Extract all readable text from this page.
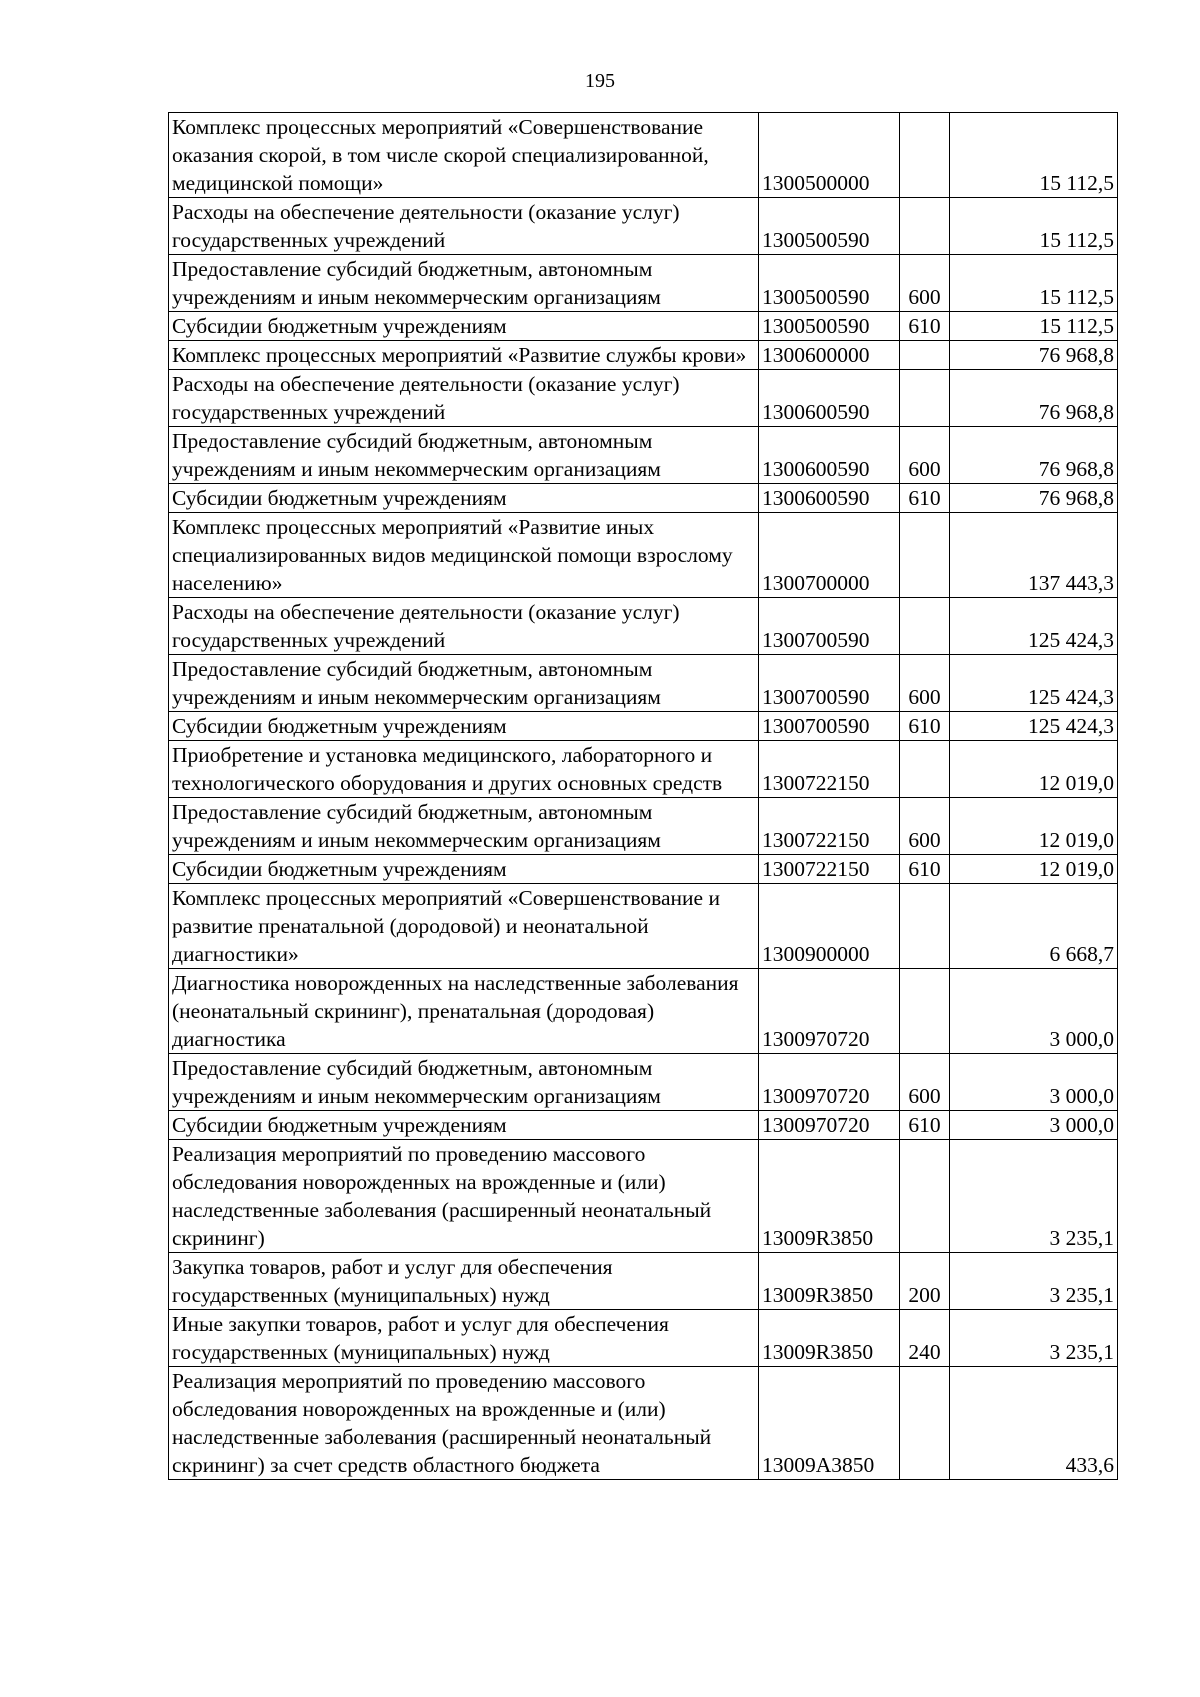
195
Комплекс процессных мероприятий «Совершенствование оказания скорой, в том числе скорой специализированной, медицинской помощи»	1300500000		15 112,5
Расходы на обеспечение деятельности (оказание услуг) государственных учреждений	1300500590		15 112,5
Предоставление субсидий бюджетным, автономным учреждениям и иным некоммерческим организациям	1300500590	600	15 112,5
Субсидии бюджетным учреждениям	1300500590	610	15 112,5
Комплекс процессных мероприятий «Развитие службы крови»	1300600000		76 968,8
Расходы на обеспечение деятельности (оказание услуг) государственных учреждений	1300600590		76 968,8
Предоставление субсидий бюджетным, автономным учреждениям и иным некоммерческим организациям	1300600590	600	76 968,8
Субсидии бюджетным учреждениям	1300600590	610	76 968,8
Комплекс процессных мероприятий «Развитие иных специализированных видов медицинской помощи взрослому населению»	1300700000		137 443,3
Расходы на обеспечение деятельности (оказание услуг) государственных учреждений	1300700590		125 424,3
Предоставление субсидий бюджетным, автономным учреждениям и иным некоммерческим организациям	1300700590	600	125 424,3
Субсидии бюджетным учреждениям	1300700590	610	125 424,3
Приобретение и установка медицинского, лабораторного и технологического оборудования и других основных средств	1300722150		12 019,0
Предоставление субсидий бюджетным, автономным учреждениям и иным некоммерческим организациям	1300722150	600	12 019,0
Субсидии бюджетным учреждениям	1300722150	610	12 019,0
Комплекс процессных мероприятий «Совершенствование и развитие пренатальной (дородовой) и неонатальной диагностики»	1300900000		6 668,7
Диагностика новорожденных на наследственные заболевания (неонатальный скрининг), пренатальная (дородовая) диагностика	1300970720		3 000,0
Предоставление субсидий бюджетным, автономным учреждениям и иным некоммерческим организациям	1300970720	600	3 000,0
Субсидии бюджетным учреждениям	1300970720	610	3 000,0
Реализация мероприятий по проведению массового обследования новорожденных на врожденные и (или) наследственные заболевания (расширенный неонатальный скрининг)	13009R3850		3 235,1
Закупка товаров, работ и услуг для обеспечения государственных (муниципальных) нужд	13009R3850	200	3 235,1
Иные закупки товаров, работ и услуг для обеспечения государственных (муниципальных) нужд	13009R3850	240	3 235,1
Реализация мероприятий по проведению массового обследования новорожденных на врожденные и (или) наследственные заболевания (расширенный неонатальный скрининг) за счет средств областного бюджета	13009А3850		433,6
